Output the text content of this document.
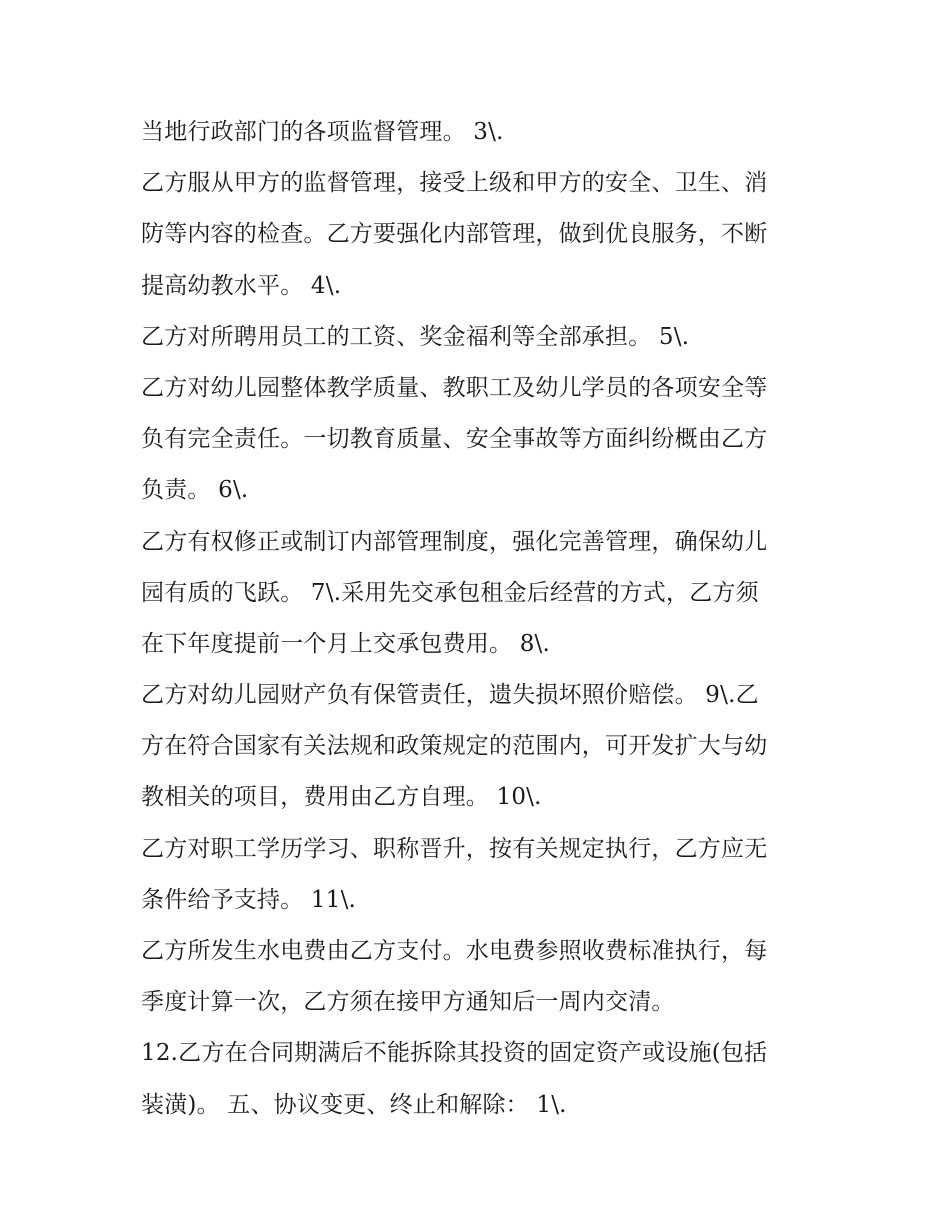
当地行政部门的各项监督管理。 3\.
乙方服从甲方的监督管理，接受上级和甲方的安全、卫生、消
防等内容的检查。乙方要强化内部管理，做到优良服务，不断
提高幼教水平。 4\.
乙方对所聘用员工的工资、奖金福利等全部承担。 5\.
乙方对幼儿园整体教学质量、教职工及幼儿学员的各项安全等
负有完全责任。一切教育质量、安全事故等方面纠纷概由乙方
负责。 6\.
乙方有权修正或制订内部管理制度，强化完善管理，确保幼儿
园有质的飞跃。 7\.采用先交承包租金后经营的方式，乙方须
在下年度提前一个月上交承包费用。 8\.
乙方对幼儿园财产负有保管责任，遗失损坏照价赔偿。 9\.乙
方在符合国家有关法规和政策规定的范围内，可开发扩大与幼
教相关的项目，费用由乙方自理。 10\.
乙方对职工学历学习、职称晋升，按有关规定执行，乙方应无
条件给予支持。 11\.
乙方所发生水电费由乙方支付。水电费参照收费标准执行，每
季度计算一次，乙方须在接甲方通知后一周内交清。
12.乙方在合同期满后不能拆除其投资的固定资产或设施(包括
装潢)。 五、协议变更、终止和解除： 1\.
